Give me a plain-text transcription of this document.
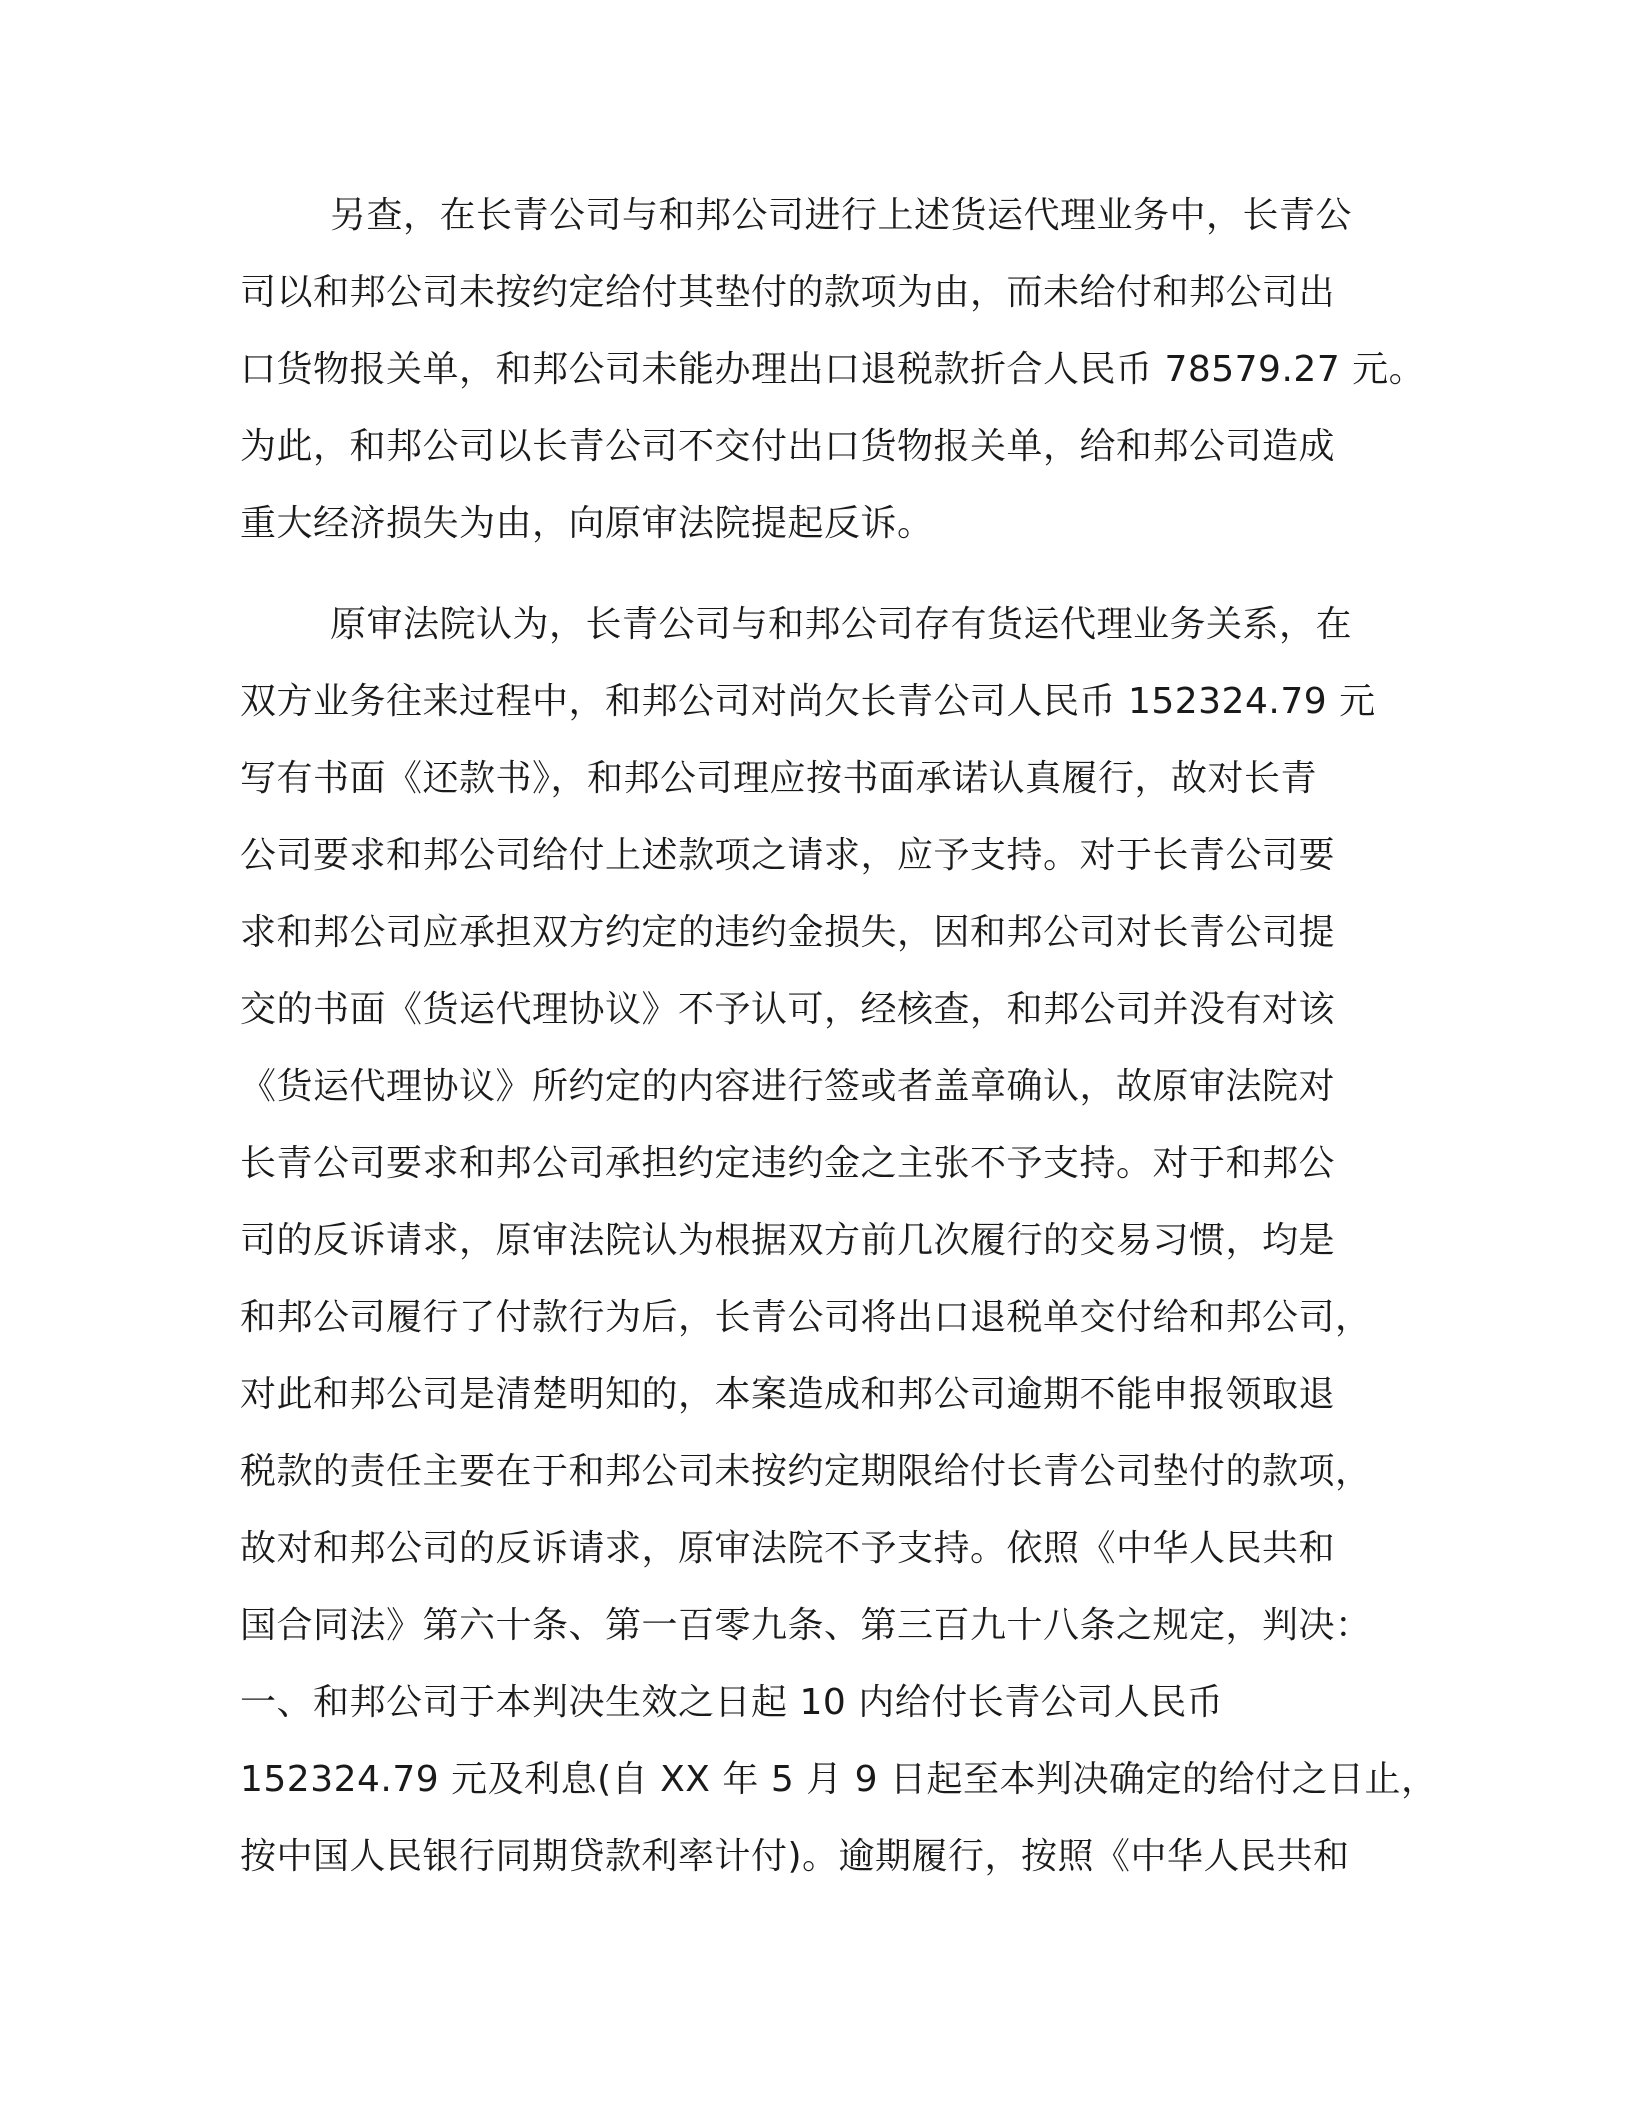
另查，在长青公司与和邦公司进行上述货运代理业务中，长青公
司以和邦公司未按约定给付其垫付的款项为由，而未给付和邦公司出
口货物报关单，和邦公司未能办理出口退税款折合人民币 78579.27 元。
为此，和邦公司以长青公司不交付出口货物报关单，给和邦公司造成
重大经济损失为由，向原审法院提起反诉。
原审法院认为，长青公司与和邦公司存有货运代理业务关系，在
双方业务往来过程中，和邦公司对尚欠长青公司人民币 152324.79 元
写有书面《还款书》，和邦公司理应按书面承诺认真履行，故对长青
公司要求和邦公司给付上述款项之请求，应予支持。对于长青公司要
求和邦公司应承担双方约定的违约金损失，因和邦公司对长青公司提
交的书面《货运代理协议》不予认可，经核查，和邦公司并没有对该
《货运代理协议》所约定的内容进行签或者盖章确认，故原审法院对
长青公司要求和邦公司承担约定违约金之主张不予支持。对于和邦公
司的反诉请求，原审法院认为根据双方前几次履行的交易习惯，均是
和邦公司履行了付款行为后，长青公司将出口退税单交付给和邦公司，
对此和邦公司是清楚明知的，本案造成和邦公司逾期不能申报领取退
税款的责任主要在于和邦公司未按约定期限给付长青公司垫付的款项，
故对和邦公司的反诉请求，原审法院不予支持。依照《中华人民共和
国合同法》第六十条、第一百零九条、第三百九十八条之规定，判决：
一、和邦公司于本判决生效之日起 10 内给付长青公司人民币
152324.79 元及利息(自 XX 年 5 月 9 日起至本判决确定的给付之日止，
按中国人民银行同期贷款利率计付)。逾期履行，按照《中华人民共和
